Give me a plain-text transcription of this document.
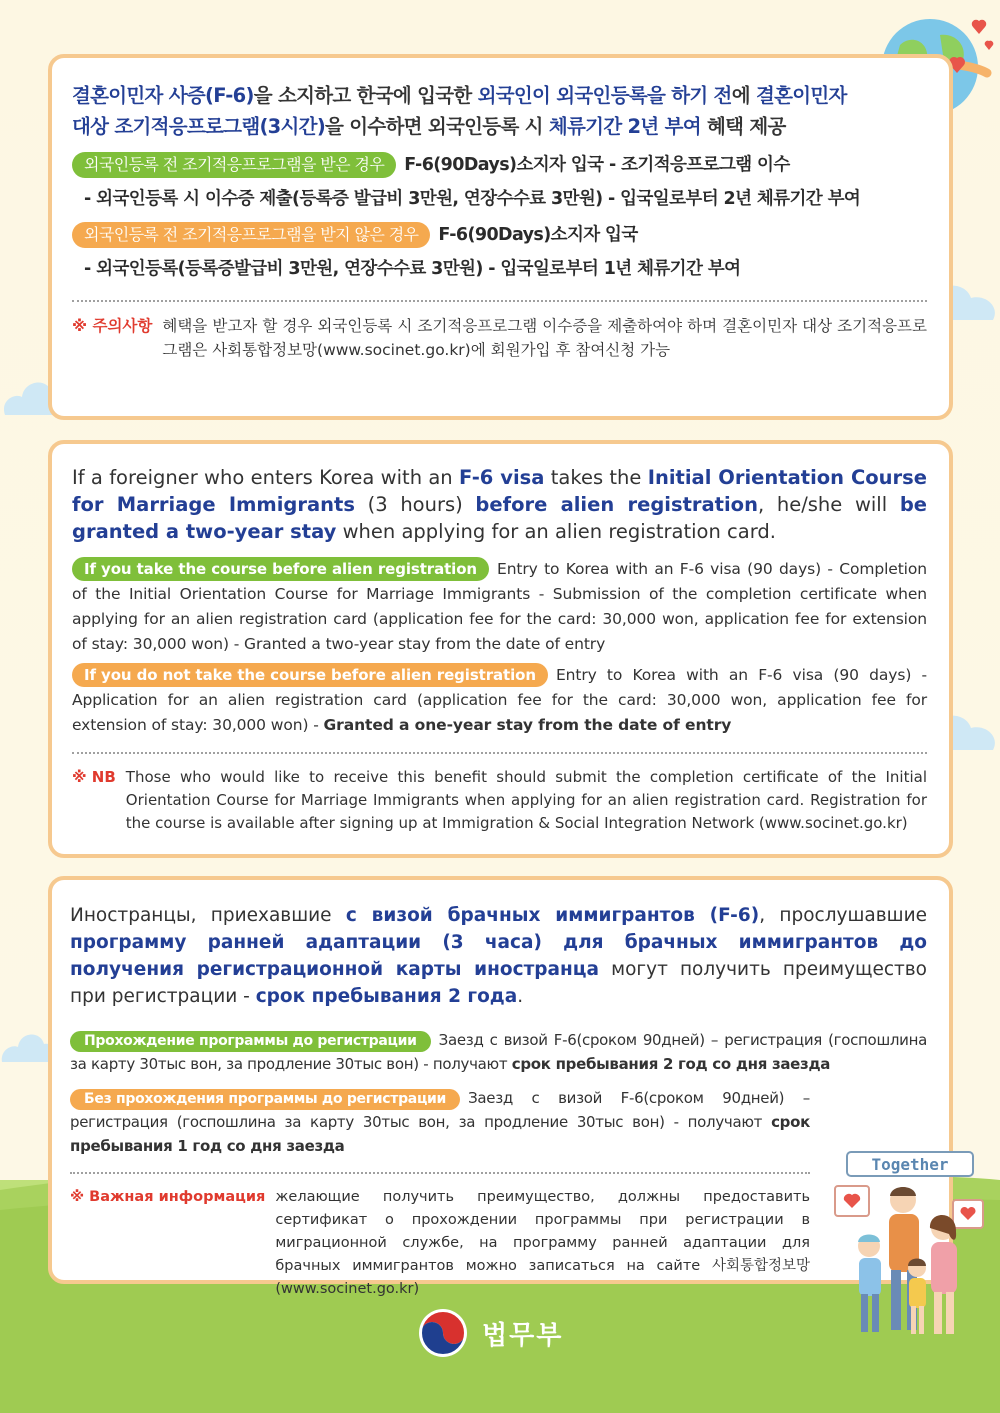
결혼이민자 사증(F-6)을 소지하고 한국에 입국한 외국인이 외국인등록을 하기 전에 결혼이민자 대상 조기적응프로그램(3시간)을 이수하면 외국인등록 시 체류기간 2년 부여 혜택 제공

외국인등록 전 조기적응프로그램을 받은 경우 F-6(90Days)소지자 입국 - 조기적응프로그램 이수
- 외국인등록 시 이수증 제출(등록증 발급비 3만원, 연장수수료 3만원) - 입국일로부터 2년 체류기간 부여
외국인등록 전 조기적응프로그램을 받지 않은 경우 F-6(90Days)소지자 입국
- 외국인등록(등록증발급비 3만원, 연장수수료 3만원) - 입국일로부터 1년 체류기간 부여
※ 주의사항 혜택을 받고자 할 경우 외국인등록 시 조기적응프로그램 이수증을 제출하여야 하며 결혼이민자 대상 조기적응프로그램은 사회통합정보망(www.socinet.go.kr)에 회원가입 후 참여신청 가능

If a foreigner who enters Korea with an F-6 visa takes the Initial Orientation Course for Marriage Immigrants (3 hours) before alien registration, he/she will be granted a two-year stay when applying for an alien registration card.

If you take the course before alien registration Entry to Korea with an F-6 visa (90 days) - Completion of the Initial Orientation Course for Marriage Immigrants - Submission of the completion certificate when applying for an alien registration card (application fee for the card: 30,000 won, application fee for extension of stay: 30,000 won) - Granted a two-year stay from the date of entry
If you do not take the course before alien registration Entry to Korea with an F-6 visa (90 days) - Application for an alien registration card (application fee for the card: 30,000 won, application fee for extension of stay: 30,000 won) - Granted a one-year stay from the date of entry
※ NB Those who would like to receive this benefit should submit the completion certificate of the Initial Orientation Course for Marriage Immigrants when applying for an alien registration card. Registration for the course is available after signing up at Immigration & Social Integration Network (www.socinet.go.kr)

Иностранцы, приехавшие с визой брачных иммигрантов (F-6), прослушавшие программу ранней адаптации (3 часа) для брачных иммигрантов до получения регистрационной карты иностранца могут получить преимущество при регистрации - срок пребывания 2 года.

Прохождение программы до регистрации Заезд с визой F-6(сроком 90дней) – регистрация (госпошлина за карту 30тыс вон, за продление 30тыс вон) - получают срок пребывания 2 год со дня заезда
Без прохождения программы до регистрации Заезд с визой F-6(сроком 90дней) – регистрация (госпошлина за карту 30тыс вон, за продление 30тыс вон) - получают срок пребывания 1 год со дня заезда
※ Важная информация желающие получить преимущество, должны предоставить сертификат о прохождении программы при регистрации в миграционной службе, на программу ранней адаптации для брачных иммигрантов можно записаться на сайте 사회통합정보망(www.socinet.go.kr)
Together
법무부
